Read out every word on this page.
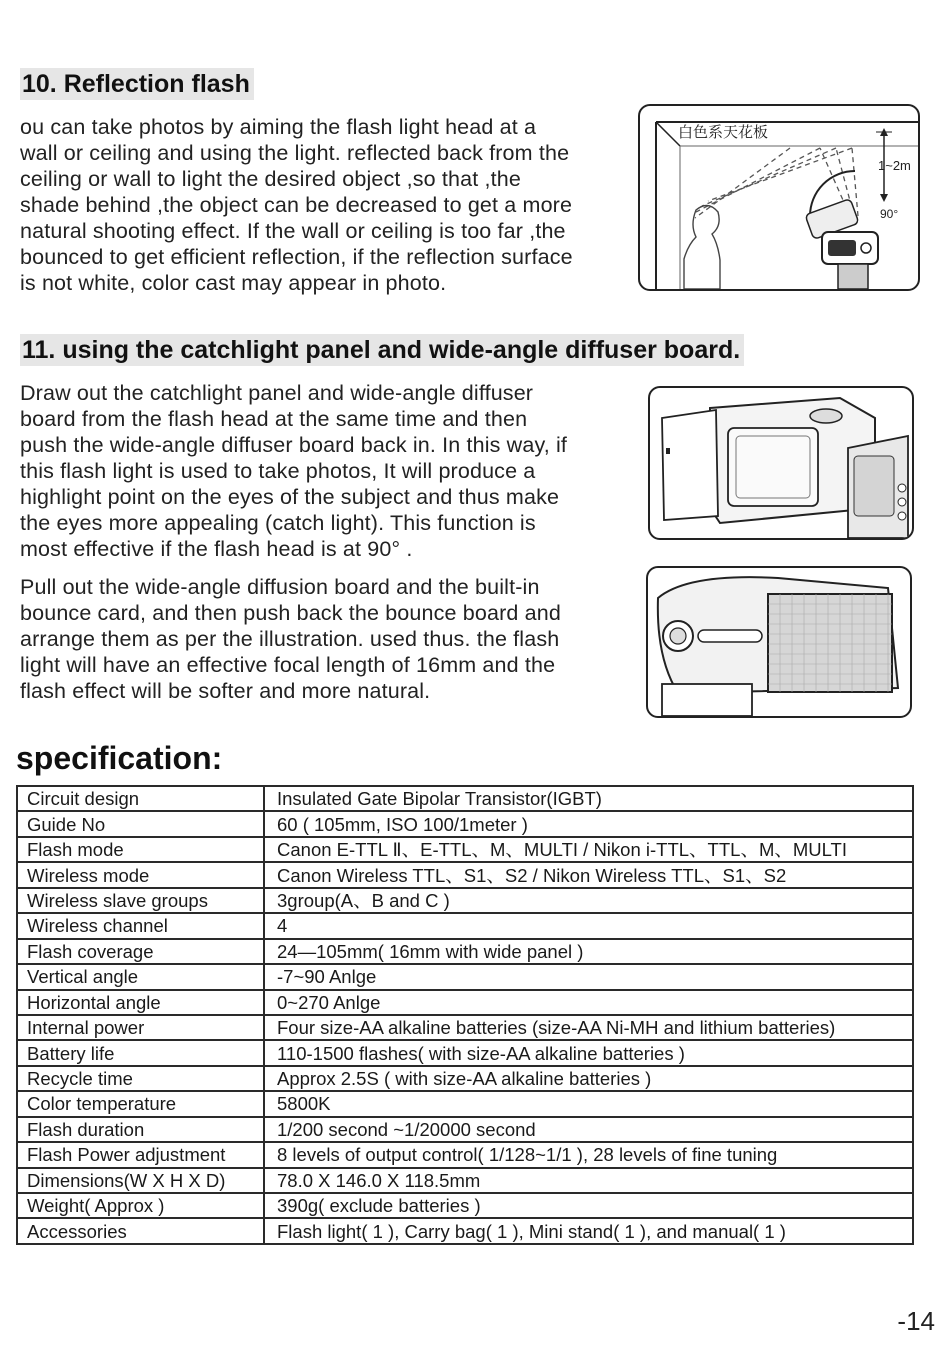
10. Reflection flash
ou can take photos by aiming the flash light head at a
wall or ceiling and using the light. reflected back from the
ceiling or wall to light the desired object ,so that ,the
shade behind ,the object can be decreased to get a more
natural shooting effect. If the wall or ceiling is too far ,the
bounced to get efficient reflection, if the reflection surface
is not white, color cast may appear in photo.
白色系天花板
1~2m
90°
11. using the catchlight panel and wide-angle diffuser board.
Draw out the catchlight panel and wide-angle diffuser
board from the flash head at the same time and then
push the wide-angle diffuser board back in. In this way, if
this flash light is used to take photos, It will produce a
highlight point on the eyes of the subject and thus make
the eyes more appealing (catch light). This function is
most effective if the flash head is at 90° .
Pull out the wide-angle diffusion board and the built-in
bounce card, and then push back the bounce board and
arrange them as per the illustration. used thus. the flash
light will have an effective focal length of 16mm and the
flash effect will be softer and more natural.
specification:
Circuit design	Insulated Gate Bipolar Transistor(IGBT)
Guide No	60 ( 105mm, ISO 100/1meter )
Flash mode	Canon E-TTL Ⅱ、E-TTL、M、MULTI / Nikon i-TTL、TTL、M、MULTI
Wireless mode	Canon Wireless TTL、S1、S2 / Nikon Wireless TTL、S1、S2
Wireless slave groups	3group(A、B and C )
Wireless channel	4
Flash coverage	24—105mm( 16mm with wide panel )
Vertical angle	-7~90 Anlge
Horizontal angle	0~270 Anlge
Internal power	Four size-AA alkaline batteries (size-AA Ni-MH and lithium batteries)
Battery life	110-1500 flashes( with size-AA alkaline batteries )
Recycle time	Approx 2.5S ( with size-AA alkaline batteries )
Color temperature	5800K
Flash duration	1/200 second ~1/20000 second
Flash Power adjustment	8 levels of output control( 1/128~1/1 ), 28 levels of fine tuning
Dimensions(W X H X D)	78.0 X 146.0 X 118.5mm
Weight( Approx )	390g( exclude batteries )
Accessories	Flash light( 1 ), Carry bag( 1 ), Mini stand( 1 ), and manual( 1 )
-14
